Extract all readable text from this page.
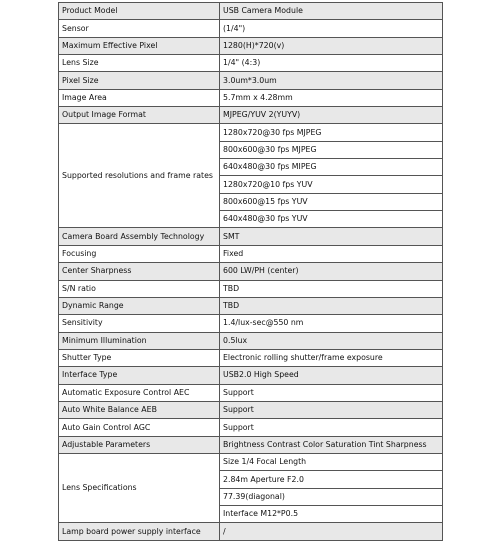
Product Model	USB Camera Module
Sensor	(1/4")
Maximum Effective Pixel	1280(H)*720(v)
Lens Size	1/4" (4:3)
Pixel Size	3.0um*3.0um
Image Area	5.7mm x 4.28mm
Output Image Format	MJPEG/YUV 2(YUYV)
Supported resolutions and frame rates	1280x720@30 fps MJPEG
	800x600@30 fps MJPEG
	640x480@30 fps MIPEG
	1280x720@10 fps YUV
	800x600@15 fps YUV
	640x480@30 fps YUV
Camera Board Assembly Technology	SMT
Focusing	Fixed
Center Sharpness	600 LW/PH (center)
S/N ratio	TBD
Dynamic Range	TBD
Sensitivity	1.4/lux-sec@550 nm
Minimum Illumination	0.5lux
Shutter Type	Electronic rolling shutter/frame exposure
Interface Type	USB2.0 High Speed
Automatic Exposure Control AEC	Support
Auto White Balance AEB	Support
Auto Gain Control AGC	Support
Adjustable Parameters	Brightness Contrast Color Saturation Tint Sharpness
Lens Specifications	Size 1/4 Focal Length
	2.84m Aperture F2.0
	77.39(diagonal)
	Interface M12*P0.5
Lamp board power supply interface	/
